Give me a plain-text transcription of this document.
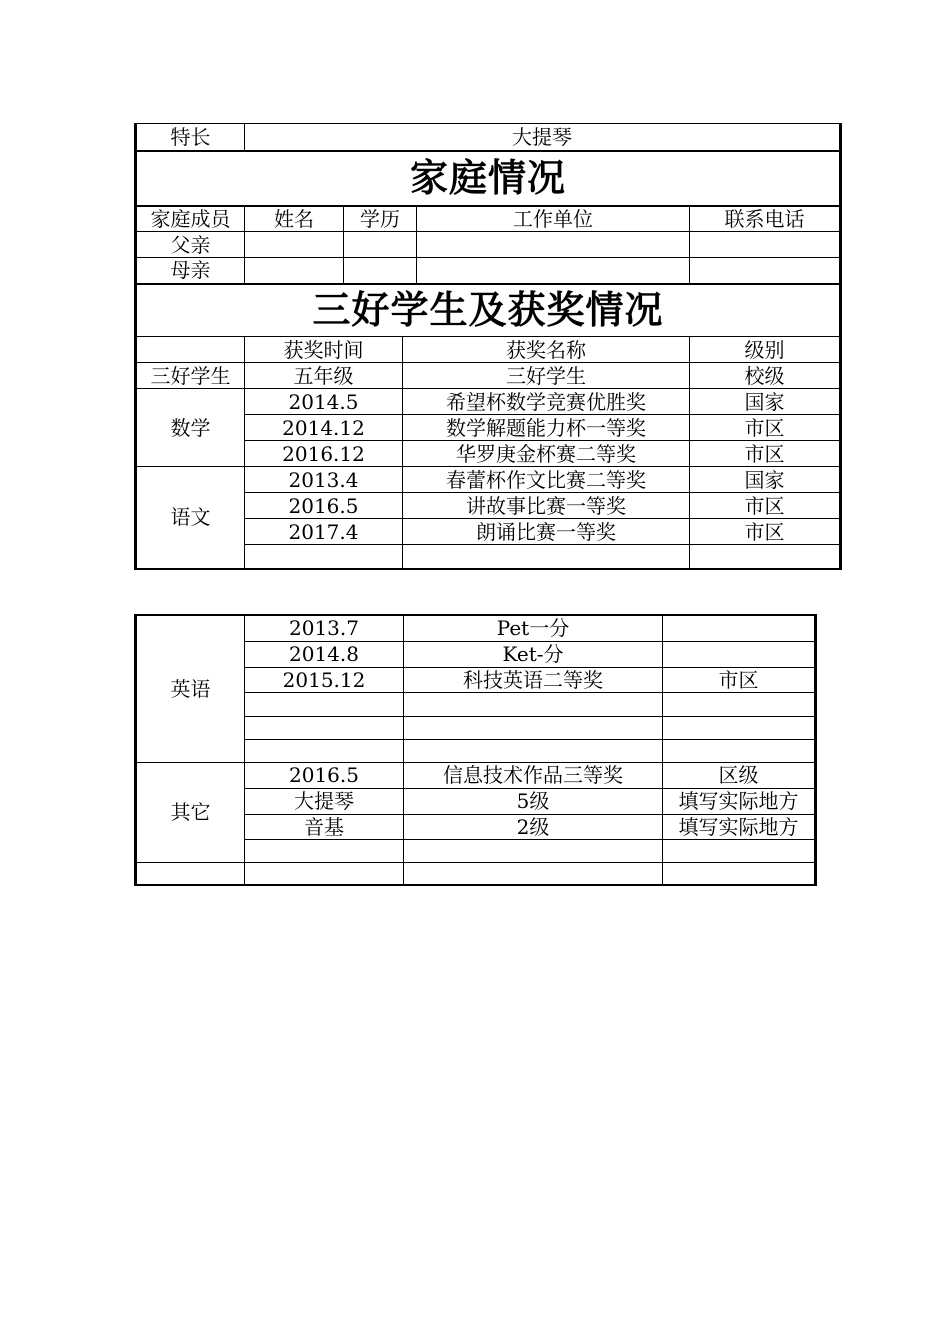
特长	大提琴				
家庭情况					
家庭成员	姓名	学历		工作单位	联系电话
父亲					
母亲					
三好学生及获奖情况					
	获奖时间		获奖名称		级别
三好学生	五年级		三好学生		校级
数学	2014.5		希望杯数学竞赛优胜奖		国家
	2014.12		数学解题能力杯一等奖		市区
	2016.12		华罗庚金杯赛二等奖		市区
语文	2013.4		春蕾杯作文比赛二等奖		国家
	2016.5		讲故事比赛一等奖		市区
	2017.4		朗诵比赛一等奖		市区

英语	2013.7	Pet一分	
	2014.8	Ket-分	
	2015.12	科技英语二等奖	市区

其它	2016.5	信息技术作品三等奖	区级
	大提琴	5级	填写实际地方
	音基	2级	填写实际地方
